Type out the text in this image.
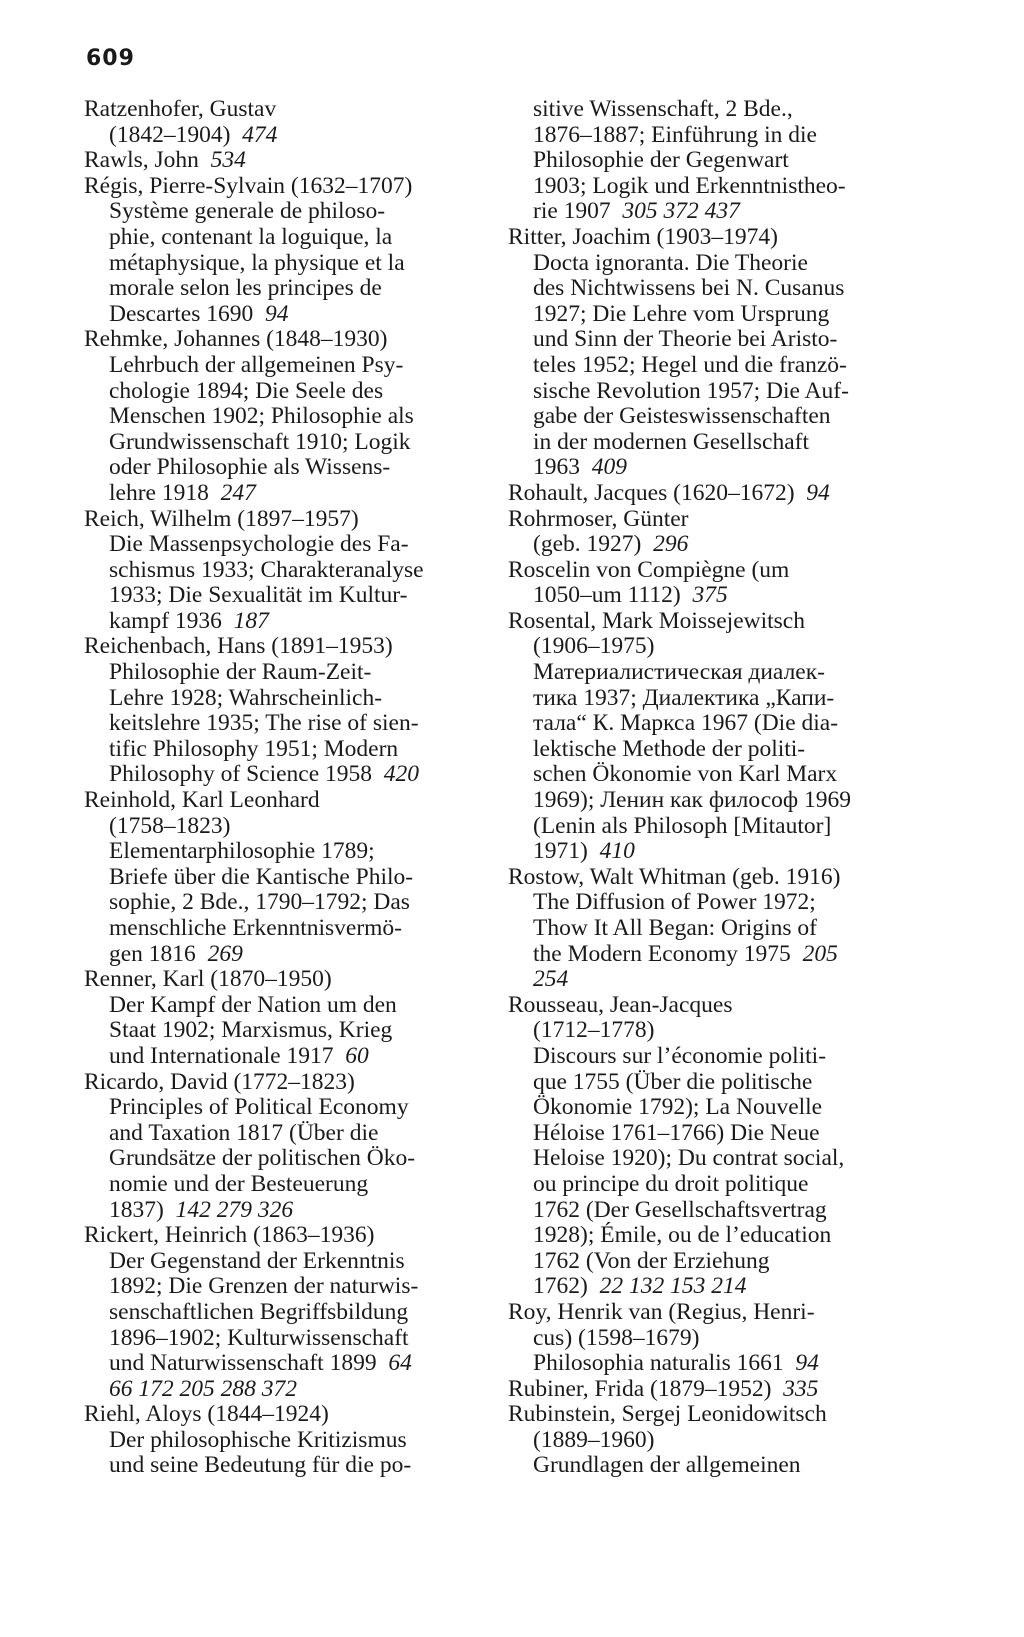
609
Ratzenhofer, Gustav
(1842–1904)  474
Rawls, John  534
Régis, Pierre-Sylvain (1632–1707)
Système generale de philoso-
phie, contenant la loguique, la
métaphysique, la physique et la
morale selon les principes de
Descartes 1690  94
Rehmke, Johannes (1848–1930)
Lehrbuch der allgemeinen Psy-
chologie 1894; Die Seele des
Menschen 1902; Philosophie als
Grundwissenschaft 1910; Logik
oder Philosophie als Wissens-
lehre 1918  247
Reich, Wilhelm (1897–1957)
Die Massenpsychologie des Fa-
schismus 1933; Charakteranalyse
1933; Die Sexualität im Kultur-
kampf 1936  187
Reichenbach, Hans (1891–1953)
Philosophie der Raum-Zeit-
Lehre 1928; Wahrscheinlich-
keitslehre 1935; The rise of sien-
tific Philosophy 1951; Modern
Philosophy of Science 1958  420
Reinhold, Karl Leonhard
(1758–1823)
Elementarphilosophie 1789;
Briefe über die Kantische Philo-
sophie, 2 Bde., 1790–1792; Das
menschliche Erkenntnisvermö-
gen 1816  269
Renner, Karl (1870–1950)
Der Kampf der Nation um den
Staat 1902; Marxismus, Krieg
und Internationale 1917  60
Ricardo, David (1772–1823)
Principles of Political Economy
and Taxation 1817 (Über die
Grundsätze der politischen Öko-
nomie und der Besteuerung
1837)  142 279 326
Rickert, Heinrich (1863–1936)
Der Gegenstand der Erkenntnis
1892; Die Grenzen der naturwis-
senschaftlichen Begriffsbildung
1896–1902; Kulturwissenschaft
und Naturwissenschaft 1899  64
66 172 205 288 372
Riehl, Aloys (1844–1924)
Der philosophische Kritizismus
und seine Bedeutung für die po-
sitive Wissenschaft, 2 Bde.,
1876–1887; Einführung in die
Philosophie der Gegenwart
1903; Logik und Erkenntnistheo-
rie 1907  305 372 437
Ritter, Joachim (1903–1974)
Docta ignoranta. Die Theorie
des Nichtwissens bei N. Cusanus
1927; Die Lehre vom Ursprung
und Sinn der Theorie bei Aristo-
teles 1952; Hegel und die franzö-
sische Revolution 1957; Die Auf-
gabe der Geisteswissenschaften
in der modernen Gesellschaft
1963  409
Rohault, Jacques (1620–1672)  94
Rohrmoser, Günter
(geb. 1927)  296
Roscelin von Compiègne (um
1050–um 1112)  375
Rosental, Mark Moissejewitsch
(1906–1975)
Материалистическая диалек-
тика 1937; Диалектика „Капи-
тала“ К. Маркса 1967 (Die dia-
lektische Methode der politi-
schen Ökonomie von Karl Marx
1969); Ленин как философ 1969
(Lenin als Philosoph [Mitautor]
1971)  410
Rostow, Walt Whitman (geb. 1916)
The Diffusion of Power 1972;
Thow It All Began: Origins of
the Modern Economy 1975  205
254
Rousseau, Jean-Jacques
(1712–1778)
Discours sur l’économie politi-
que 1755 (Über die politische
Ökonomie 1792); La Nouvelle
Héloise 1761–1766) Die Neue
Heloise 1920); Du contrat social,
ou principe du droit politique
1762 (Der Gesellschaftsvertrag
1928); Émile, ou de l’education
1762 (Von der Erziehung
1762)  22 132 153 214
Roy, Henrik van (Regius, Henri-
cus) (1598–1679)
Philosophia naturalis 1661  94
Rubiner, Frida (1879–1952)  335
Rubinstein, Sergej Leonidowitsch
(1889–1960)
Grundlagen der allgemeinen
